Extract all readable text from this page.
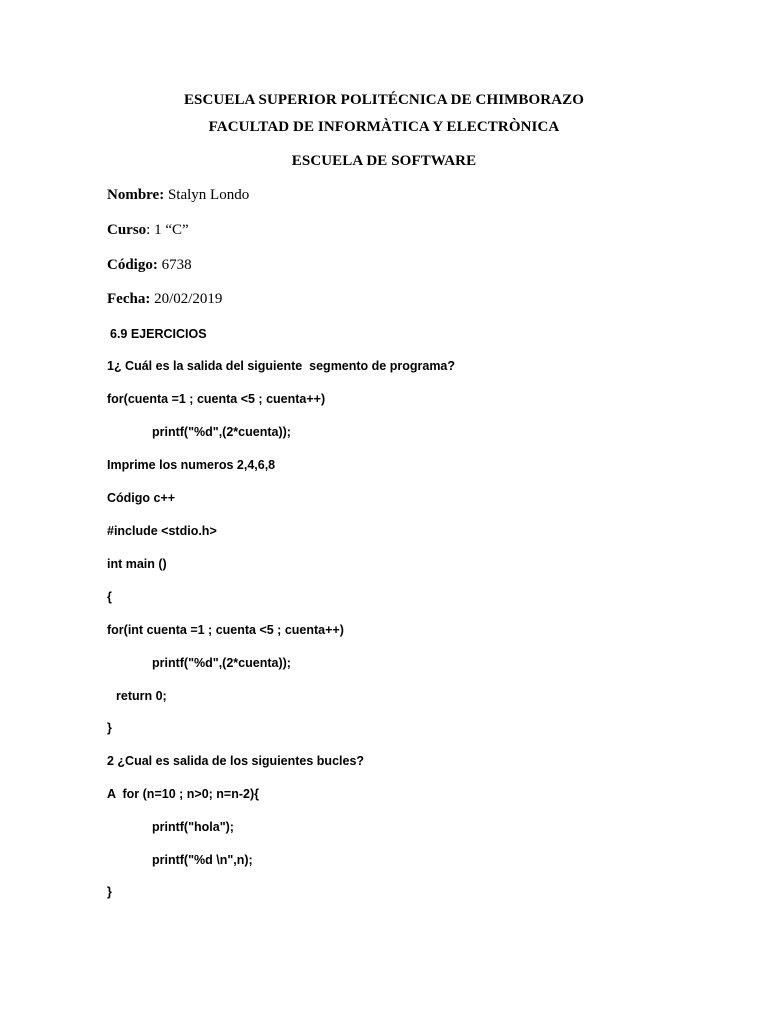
ESCUELA SUPERIOR POLITÉCNICA DE CHIMBORAZO
FACULTAD DE INFORMÀTICA Y ELECTRÒNICA
ESCUELA DE SOFTWARE
Nombre: Stalyn Londo
Curso: 1 “C”
Código: 6738
Fecha: 20/02/2019
6.9 EJERCICIOS
1¿ Cuál es la salida del siguiente  segmento de programa?
for(cuenta =1 ; cuenta <5 ; cuenta++)
printf("%d",(2*cuenta));
Imprime los numeros 2,4,6,8
Código c++
#include <stdio.h>
int main ()
{
for(int cuenta =1 ; cuenta <5 ; cuenta++)
printf("%d",(2*cuenta));
return 0;
}
2 ¿Cual es salida de los siguientes bucles?
A  for (n=10 ; n>0; n=n-2){
printf("hola");
printf("%d \n",n);
}
